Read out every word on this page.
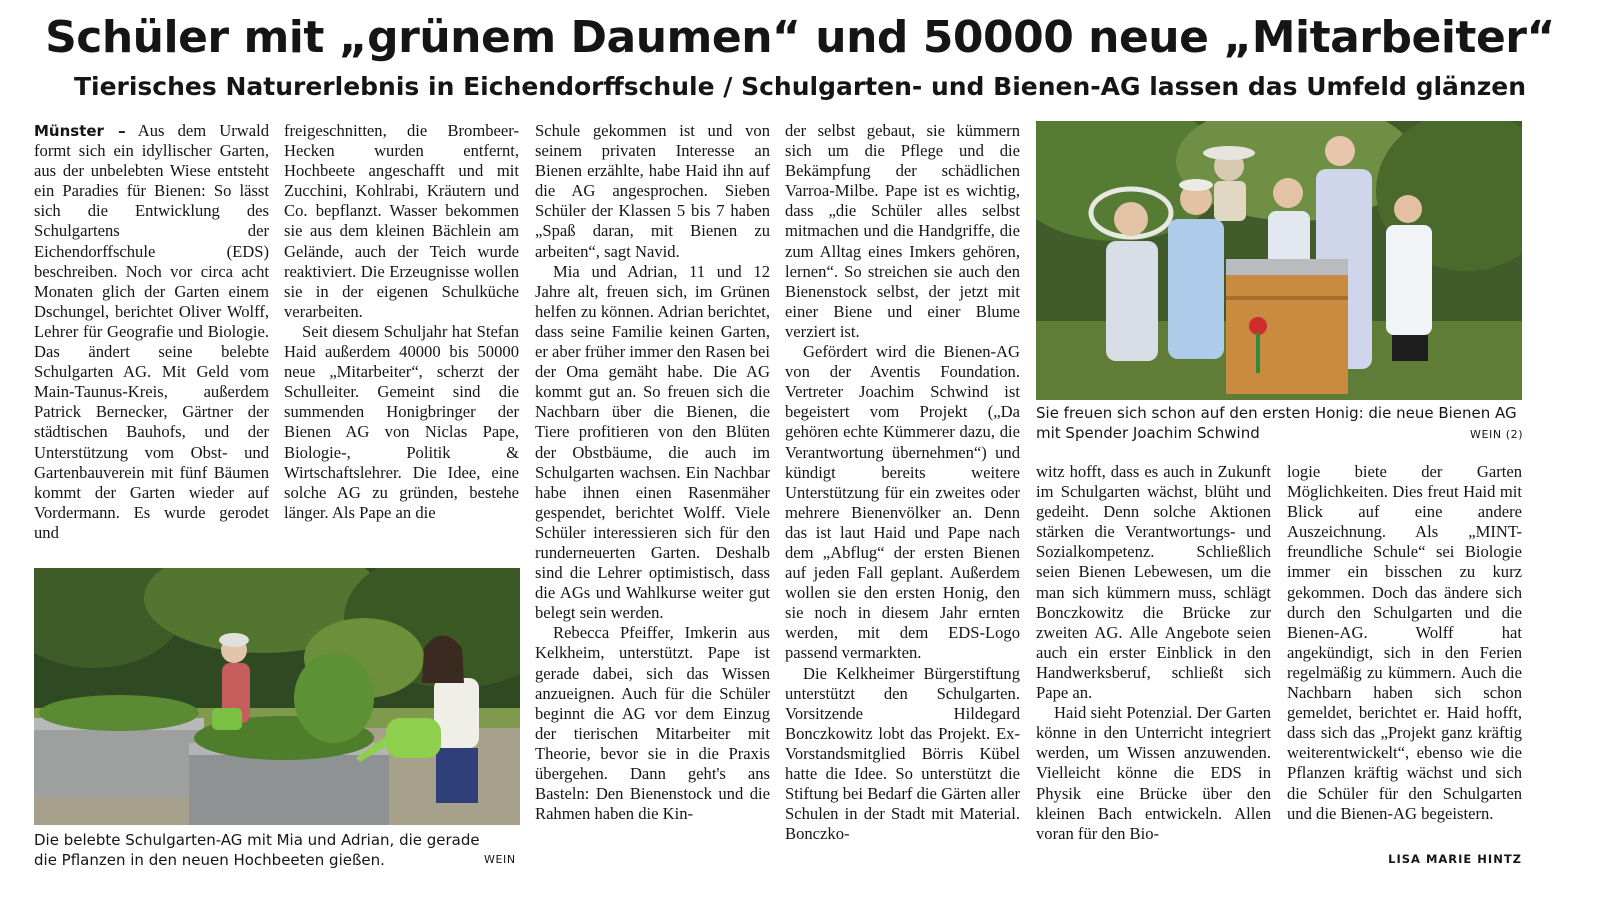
Schüler mit „grünem Daumen“ und 50000 neue „Mitarbeiter“
Tierisches Naturerlebnis in Eichendorffschule / Schulgarten- und Bienen-AG lassen das Umfeld glänzen

Münster – Aus dem Urwald formt sich ein idyllischer Garten, aus der unbelebten Wiese entsteht ein Paradies für Bienen: So lässt sich die Entwicklung des Schulgartens der Eichendorffschule (EDS) beschreiben. Noch vor circa acht Monaten glich der Garten einem Dschungel, berichtet Oliver Wolff, Lehrer für Geografie und Biologie. Das ändert seine belebte Schulgarten AG. Mit Geld vom Main-Taunus-Kreis, außerdem Patrick Bernecker, Gärtner der städtischen Bauhofs, und der Unterstützung vom Obst- und Gartenbauverein mit fünf Bäumen kommt der Garten wieder auf Vordermann. Es wurde gerodet und

freigeschnitten, die Brombeer-Hecken wurden entfernt, Hochbeete angeschafft und mit Zucchini, Kohlrabi, Kräutern und Co. bepflanzt. Wasser bekommen sie aus dem kleinen Bächlein am Gelände, auch der Teich wurde reaktiviert. Die Erzeugnisse wollen sie in der eigenen Schulküche verarbeiten.

Seit diesem Schuljahr hat Stefan Haid außerdem 40000 bis 50000 neue „Mitarbeiter“, scherzt der Schulleiter. Gemeint sind die summenden Honigbringer der Bienen AG von Niclas Pape, Biologie-, Politik & Wirtschaftslehrer. Die Idee, eine solche AG zu gründen, bestehe länger. Als Pape an die

Schule gekommen ist und von seinem privaten Interesse an Bienen erzählte, habe Haid ihn auf die AG angesprochen. Sieben Schüler der Klassen 5 bis 7 haben „Spaß daran, mit Bienen zu arbeiten“, sagt Navid.

Mia und Adrian, 11 und 12 Jahre alt, freuen sich, im Grünen helfen zu können. Adrian berichtet, dass seine Familie keinen Garten, er aber früher immer den Rasen bei der Oma gemäht habe. Die AG kommt gut an. So freuen sich die Nachbarn über die Bienen, die Tiere profitieren von den Blüten der Obstbäume, die auch im Schulgarten wachsen. Ein Nachbar habe ihnen einen Rasenmäher gespendet, berichtet Wolff. Viele Schüler interessieren sich für den runderneuerten Garten. Deshalb sind die Lehrer optimistisch, dass die AGs und Wahlkurse weiter gut belegt sein werden.

Rebecca Pfeiffer, Imkerin aus Kelkheim, unterstützt. Pape ist gerade dabei, sich das Wissen anzueignen. Auch für die Schüler beginnt die AG vor dem Einzug der tierischen Mitarbeiter mit Theorie, bevor sie in die Praxis übergehen. Dann geht's ans Basteln: Den Bienenstock und die Rahmen haben die Kin-

der selbst gebaut, sie kümmern sich um die Pflege und die Bekämpfung der schädlichen Varroa-Milbe. Pape ist es wichtig, dass „die Schüler alles selbst mitmachen und die Handgriffe, die zum Alltag eines Imkers gehören, lernen“. So streichen sie auch den Bienenstock selbst, der jetzt mit einer Biene und einer Blume verziert ist.

Gefördert wird die Bienen-AG von der Aventis Foundation. Vertreter Joachim Schwind ist begeistert vom Projekt („Da gehören echte Kümmerer dazu, die Verantwortung übernehmen“) und kündigt bereits weitere Unterstützung für ein zweites oder mehrere Bienenvölker an. Denn das ist laut Haid und Pape nach dem „Abflug“ der ersten Bienen auf jeden Fall geplant. Außerdem wollen sie den ersten Honig, den sie noch in diesem Jahr ernten werden, mit dem EDS-Logo passend vermarkten.

Die Kelkheimer Bürgerstiftung unterstützt den Schulgarten. Vorsitzende Hildegard Bonczkowitz lobt das Projekt. Ex-Vorstandsmitglied Börris Kübel hatte die Idee. So unterstützt die Stiftung bei Bedarf die Gärten aller Schulen in der Stadt mit Material. Bonczko-

witz hofft, dass es auch in Zukunft im Schulgarten wächst, blüht und gedeiht. Denn solche Aktionen stärken die Verantwortungs- und Sozialkompetenz. Schließlich seien Bienen Lebewesen, um die man sich kümmern muss, schlägt Bonczkowitz die Brücke zur zweiten AG. Alle Angebote seien auch ein erster Einblick in den Handwerksberuf, schließt sich Pape an.

Haid sieht Potenzial. Der Garten könne in den Unterricht integriert werden, um Wissen anzuwenden. Vielleicht könne die EDS in Physik eine Brücke über den kleinen Bach entwickeln. Allen voran für den Bio-

logie biete der Garten Möglichkeiten. Dies freut Haid mit Blick auf eine andere Auszeichnung. Als „MINT-freundliche Schule“ sei Biologie immer ein bisschen zu kurz gekommen. Doch das ändere sich durch den Schulgarten und die Bienen-AG. Wolff hat angekündigt, sich in den Ferien regelmäßig zu kümmern. Auch die Nachbarn haben sich schon gemeldet, berichtet er. Haid hofft, dass sich das „Projekt ganz kräftig weiterentwickelt“, ebenso wie die Pflanzen kräftig wächst und sich die Schüler für den Schulgarten und die Bienen-AG begeistern.

LISA MARIE HINTZ
Die belebte Schulgarten-AG mit Mia und Adrian, die gerade die Pflanzen in den neuen Hochbeeten gießen.	WEIN
Sie freuen sich schon auf den ersten Honig: die neue Bienen AG mit Spender Joachim Schwind	WEIN (2)
